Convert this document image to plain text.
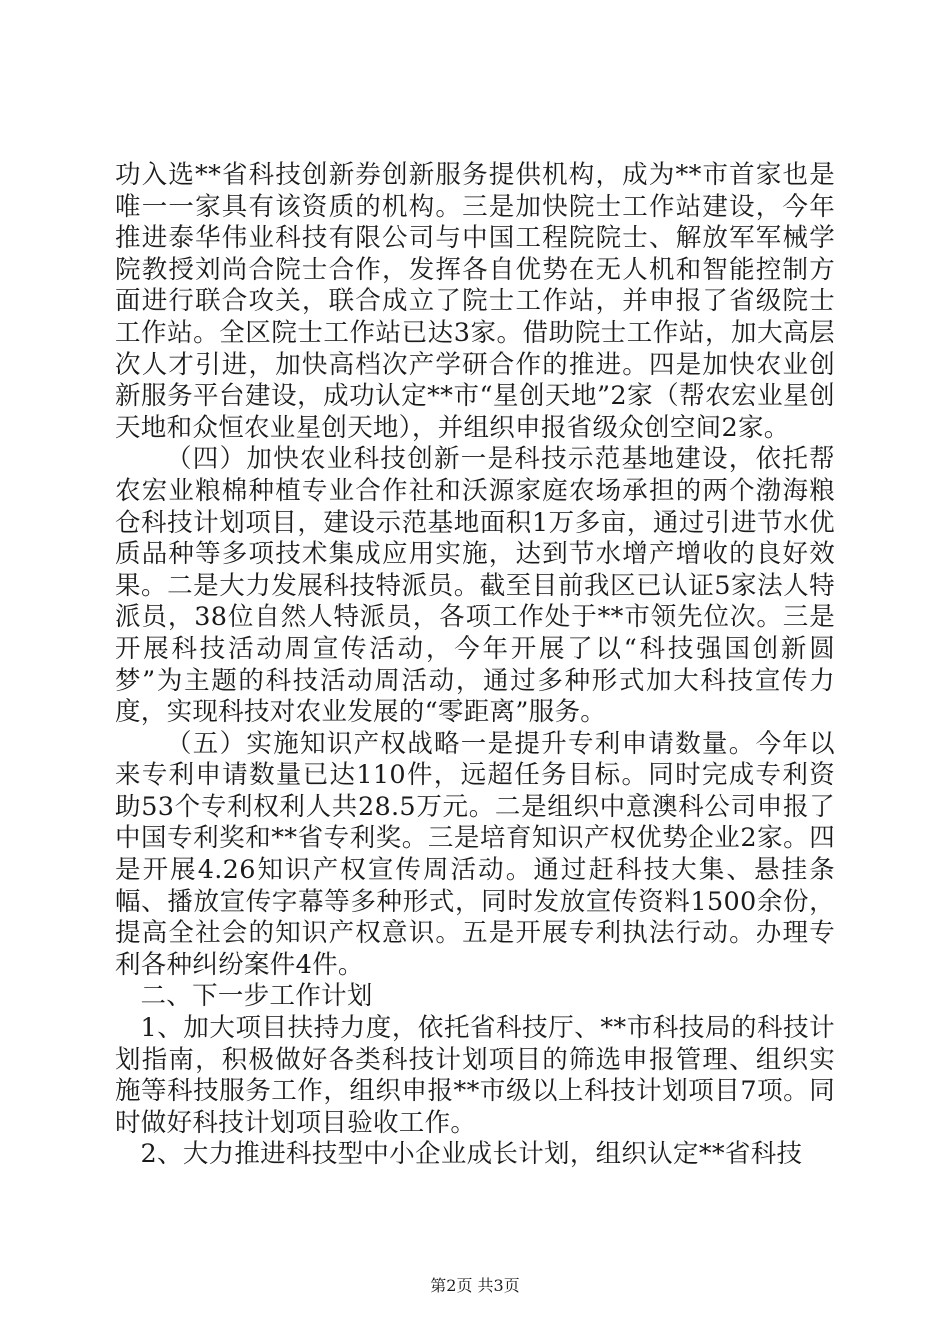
功入选**省科技创新券创新服务提供机构，成为**市首家也是唯一一家具有该资质的机构。三是加快院士工作站建设，今年推进泰华伟业科技有限公司与中国工程院院士、解放军军械学院教授刘尚合院士合作，发挥各自优势在无人机和智能控制方面进行联合攻关，联合成立了院士工作站，并申报了省级院士工作站。全区院士工作站已达3家。借助院士工作站，加大高层次人才引进，加快高档次产学研合作的推进。四是加快农业创新服务平台建设，成功认定**市“星创天地”2家（帮农宏业星创天地和众恒农业星创天地），并组织申报省级众创空间2家。

（四）加快农业科技创新一是科技示范基地建设，依托帮农宏业粮棉种植专业合作社和沃源家庭农场承担的两个渤海粮仓科技计划项目，建设示范基地面积1万多亩，通过引进节水优质品种等多项技术集成应用实施，达到节水增产增收的良好效果。二是大力发展科技特派员。截至目前我区已认证5家法人特派员，38位自然人特派员，各项工作处于**市领先位次。三是开展科技活动周宣传活动，今年开展了以“科技强国创新圆梦”为主题的科技活动周活动，通过多种形式加大科技宣传力度，实现科技对农业发展的“零距离”服务。

（五）实施知识产权战略一是提升专利申请数量。今年以来专利申请数量已达110件，远超任务目标。同时完成专利资助53个专利权利人共28.5万元。二是组织中意澳科公司申报了中国专利奖和**省专利奖。三是培育知识产权优势企业2家。四是开展4.26知识产权宣传周活动。通过赶科技大集、悬挂条幅、播放宣传字幕等多种形式，同时发放宣传资料1500余份，提高全社会的知识产权意识。五是开展专利执法行动。办理专利各种纠纷案件4件。

二、下一步工作计划

1、加大项目扶持力度，依托省科技厅、**市科技局的科技计划指南，积极做好各类科技计划项目的筛选申报管理、组织实施等科技服务工作，组织申报**市级以上科技计划项目7项。同时做好科技计划项目验收工作。

2、大力推进科技型中小企业成长计划，组织认定**省科技

第2页 共3页
